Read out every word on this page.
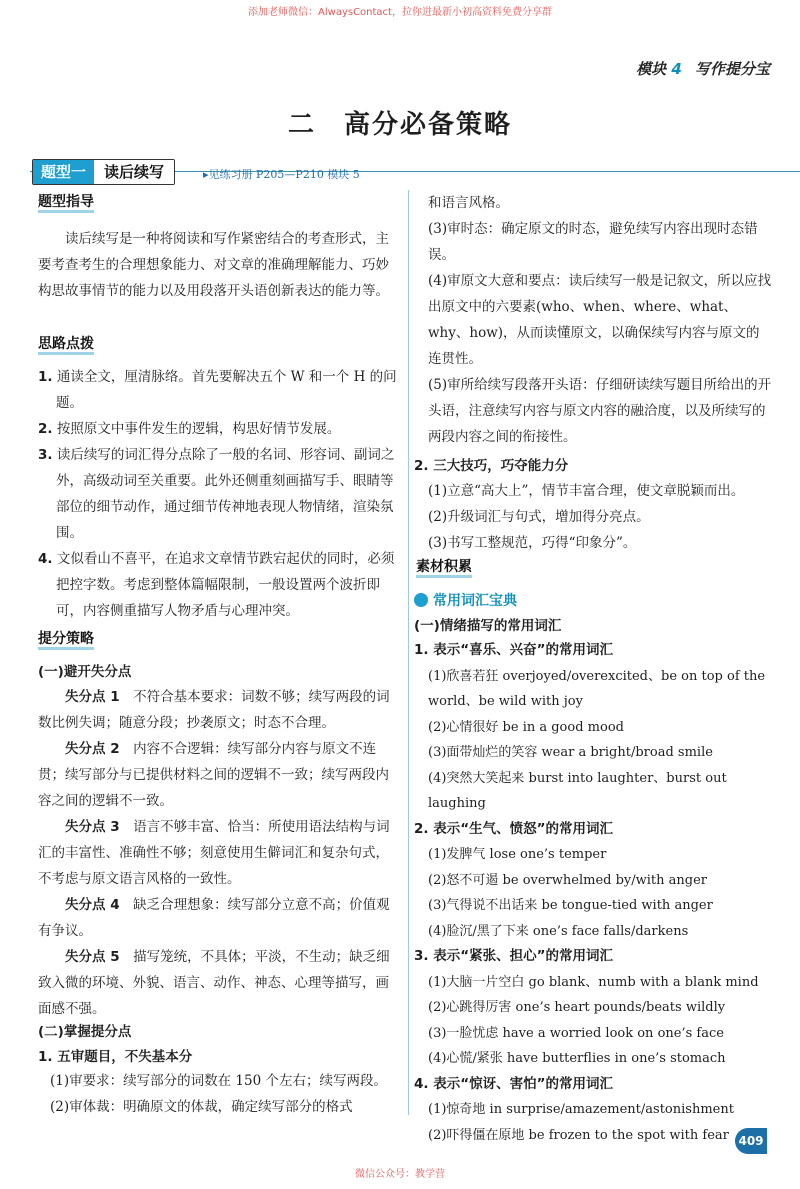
添加老师微信：AlwaysContact，拉你进最新小初高资料免费分享群
模块 4 写作提分宝
二　高分必备策略
题型一	读后续写	▸见练习册 P205—P210 模块 5
题型指导
读后续写是一种将阅读和写作紧密结合的考查形式，主要考查考生的合理想象能力、对文章的准确理解能力、巧妙构思故事情节的能力以及用段落开头语创新表达的能力等。
思路点拨
1. 通读全文，厘清脉络。首先要解决五个 W 和一个 H 的问题。
2. 按照原文中事件发生的逻辑，构思好情节发展。
3. 读后续写的词汇得分点除了一般的名词、形容词、副词之外，高级动词至关重要。此外还侧重刻画描写手、眼睛等部位的细节动作，通过细节传神地表现人物情绪，渲染氛围。
4. 文似看山不喜平，在追求文章情节跌宕起伏的同时，必须把控字数。考虑到整体篇幅限制，一般设置两个波折即可，内容侧重描写人物矛盾与心理冲突。
提分策略
(一)避开失分点
失分点 1　 不符合基本要求：词数不够；续写两段的词数比例失调；随意分段；抄袭原文；时态不合理。
失分点 2　 内容不合逻辑：续写部分内容与原文不连贯；续写部分与已提供材料之间的逻辑不一致；续写两段内容之间的逻辑不一致。
失分点 3　 语言不够丰富、恰当：所使用语法结构与词汇的丰富性、准确性不够；刻意使用生僻词汇和复杂句式，不考虑与原文语言风格的一致性。
失分点 4　 缺乏合理想象：续写部分立意不高；价值观有争议。
失分点 5　 描写笼统，不具体；平淡，不生动；缺乏细致入微的环境、外貌、语言、动作、神态、心理等描写，画面感不强。
(二)掌握提分点
1. 五审题目，不失基本分
(1)审要求：续写部分的词数在 150 个左右；续写两段。
(2)审体裁：明确原文的体裁，确定续写部分的格式
和语言风格。
(3)审时态：确定原文的时态，避免续写内容出现时态错误。
(4)审原文大意和要点：读后续写一般是记叙文，所以应找出原文中的六要素(who、when、where、what、why、how)，从而读懂原文，以确保续写内容与原文的连贯性。
(5)审所给续写段落开头语：仔细研读续写题目所给出的开头语，注意续写内容与原文内容的融洽度，以及所续写的两段内容之间的衔接性。
2. 三大技巧，巧夺能力分
(1)立意“高大上”，情节丰富合理，使文章脱颖而出。
(2)升级词汇与句式，增加得分亮点。
(3)书写工整规范，巧得“印象分”。
素材积累
常用词汇宝典
(一)情绪描写的常用词汇
1. 表示“喜乐、兴奋”的常用词汇
(1)欣喜若狂 overjoyed/overexcited、be on top of the world、be wild with joy
(2)心情很好 be in a good mood
(3)面带灿烂的笑容 wear a bright/broad smile
(4)突然大笑起来 burst into laughter、burst out laughing
2. 表示“生气、愤怒”的常用词汇
(1)发脾气 lose one’s temper
(2)怒不可遏 be overwhelmed by/with anger
(3)气得说不出话来 be tongue-tied with anger
(4)脸沉/黑了下来 one’s face falls/darkens
3. 表示“紧张、担心”的常用词汇
(1)大脑一片空白 go blank、numb with a blank mind
(2)心跳得厉害 one’s heart pounds/beats wildly
(3)一脸忧虑 have a worried look on one’s face
(4)心慌/紧张 have butterflies in one’s stomach
4. 表示“惊讶、害怕”的常用词汇
(1)惊奇地 in surprise/amazement/astonishment
(2)吓得僵在原地 be frozen to the spot with fear 409
微信公众号：教学营
